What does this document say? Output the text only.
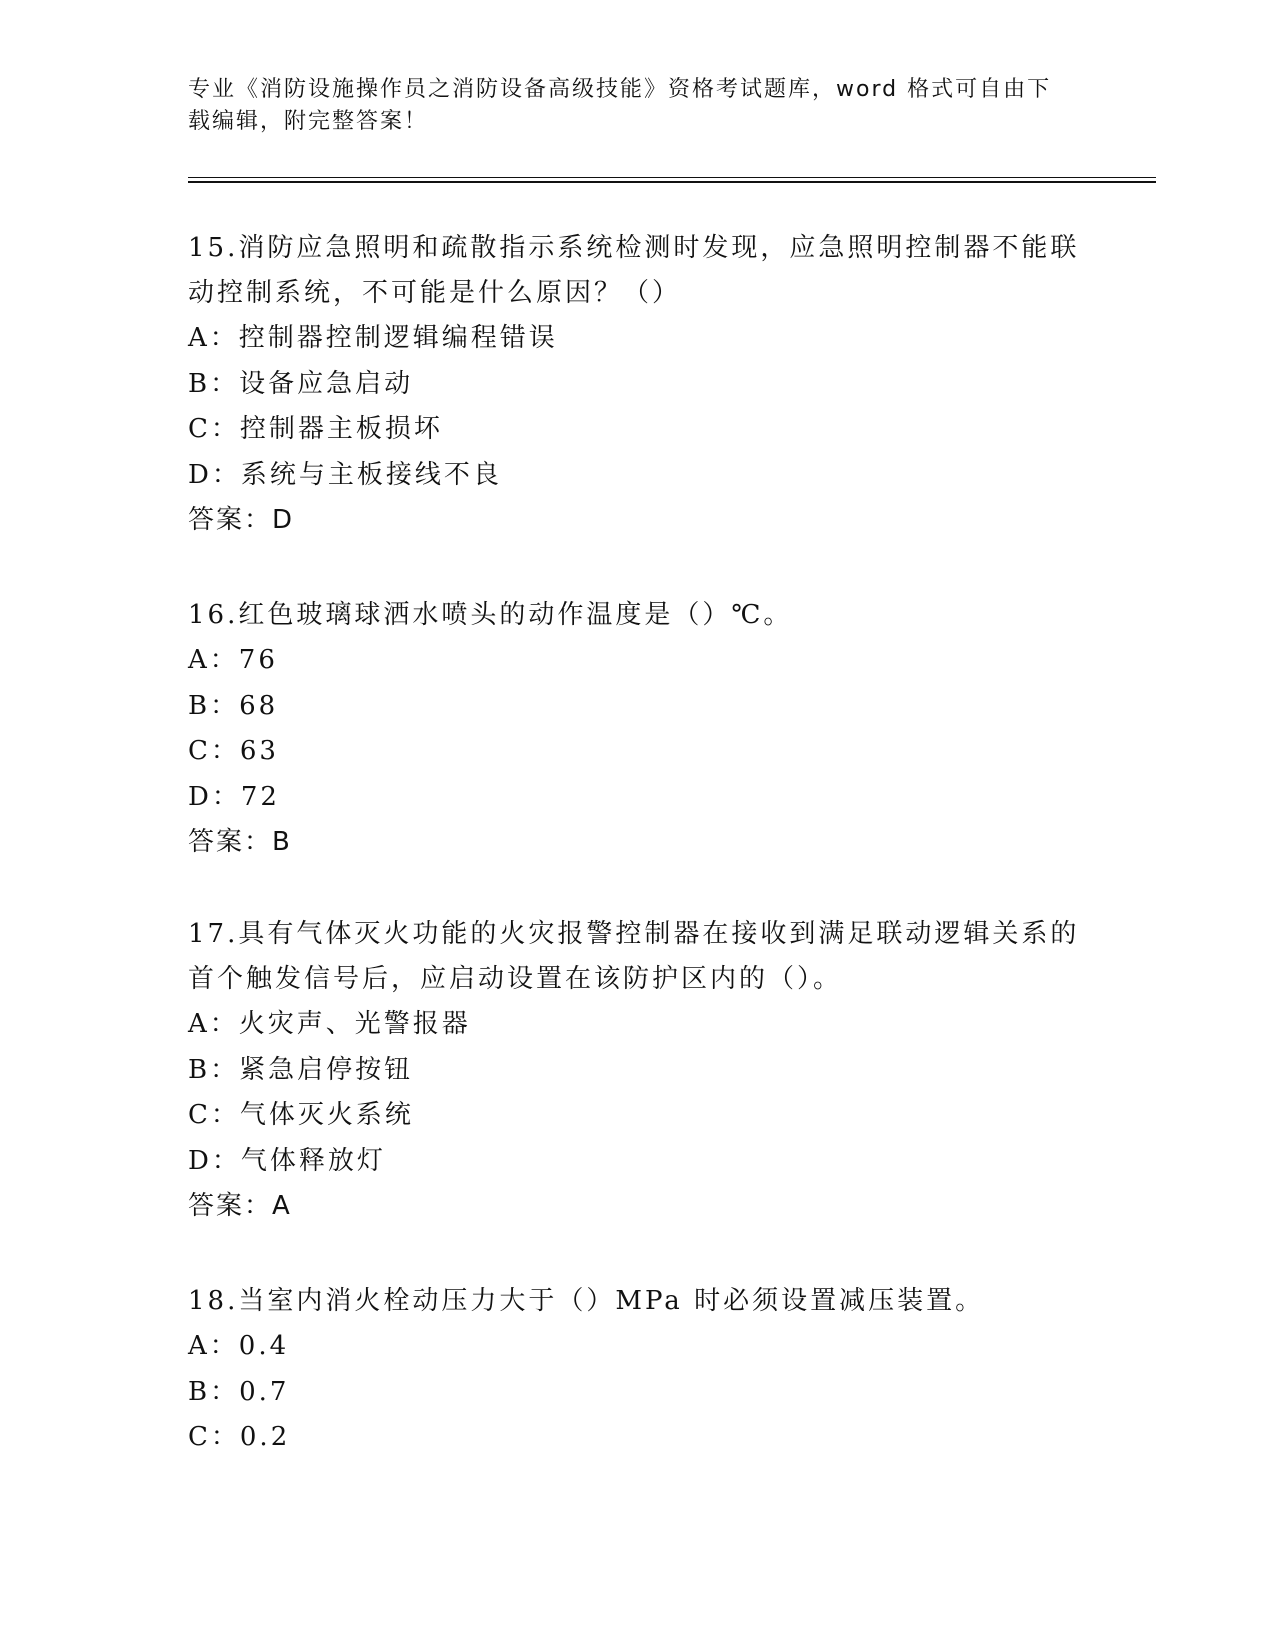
专业《消防设施操作员之消防设备高级技能》资格考试题库，word 格式可自由下
载编辑，附完整答案！
15.消防应急照明和疏散指示系统检测时发现，应急照明控制器不能联
动控制系统，不可能是什么原因？（）
A：控制器控制逻辑编程错误
B：设备应急启动
C：控制器主板损坏
D：系统与主板接线不良
答案：D
16.红色玻璃球洒水喷头的动作温度是（）℃。
A：76
B：68
C：63
D：72
答案：B
17.具有气体灭火功能的火灾报警控制器在接收到满足联动逻辑关系的
首个触发信号后，应启动设置在该防护区内的（）。
A：火灾声、光警报器
B：紧急启停按钮
C：气体灭火系统
D：气体释放灯
答案：A
18.当室内消火栓动压力大于（）MPa 时必须设置减压装置。
A：0.4
B：0.7
C：0.2
